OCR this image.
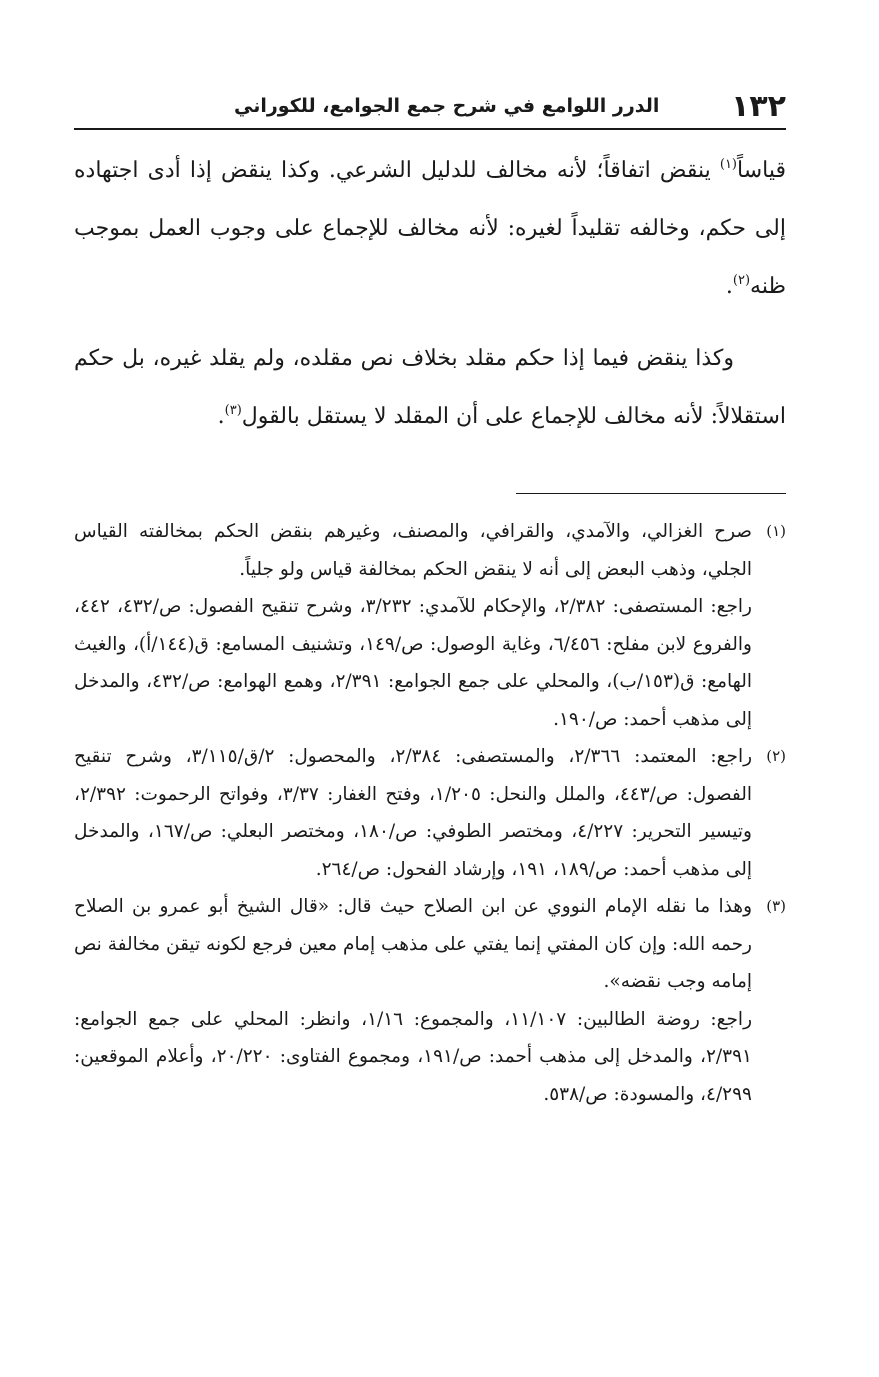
١٣٢
الدرر اللوامع في شرح جمع الجوامع، للكوراني

قياساً$^{(١)}$ ينقض اتفاقاً؛ لأنه مخالف للدليل الشرعي. وكذا ينقض إذا أدى اجتهاده إلى حكم، وخالفه تقليداً لغيره: لأنه مخالف للإجماع على وجوب العمل بموجب ظنه$^{(٢)}$.

وكذا ينقض فيما إذا حكم مقلد بخلاف نص مقلده، ولم يقلد غيره، بل حكم استقلالاً: لأنه مخالف للإجماع على أن المقلد لا يستقل بالقول$^{(٣)}$.

(١)
صرح الغزالي، والآمدي، والقرافي، والمصنف، وغيرهم بنقض الحكم بمخالفته القياس الجلي، وذهب البعض إلى أنه لا ينقض الحكم بمخالفة قياس ولو جلياً.

راجع: المستصفى: ٢/٣٨٢، والإحكام للآمدي: ٣/٢٣٢، وشرح تنقيح الفصول: ص/٤٣٢، ٤٤٢، والفروع لابن مفلح: ٦/٤٥٦، وغاية الوصول: ص/١٤٩، وتشنيف المسامع: ق(١٤٤/أ)، والغيث الهامع: ق(١٥٣/ب)، والمحلي على جمع الجوامع: ٢/٣٩١، وهمع الهوامع: ص/٤٣٢، والمدخل إلى مذهب أحمد: ص/١٩٠.

(٢)
راجع: المعتمد: ٢/٣٦٦، والمستصفى: ٢/٣٨٤، والمحصول: ٢/ق/٣/١١٥، وشرح تنقيح الفصول: ص/٤٤٣، والملل والنحل: ١/٢٠٥، وفتح الغفار: ٣/٣٧، وفواتح الرحموت: ٢/٣٩٢، وتيسير التحرير: ٤/٢٢٧، ومختصر الطوفي: ص/١٨٠، ومختصر البعلي: ص/١٦٧، والمدخل إلى مذهب أحمد: ص/١٨٩، ١٩١، وإرشاد الفحول: ص/٢٦٤.

(٣)
وهذا ما نقله الإمام النووي عن ابن الصلاح حيث قال: «قال الشيخ أبو عمرو بن الصلاح رحمه الله: وإن كان المفتي إنما يفتي على مذهب إمام معين فرجع لكونه تيقن مخالفة نص إمامه وجب نقضه».

راجع: روضة الطالبين: ١١/١٠٧، والمجموع: ١/١٦، وانظر: المحلي على جمع الجوامع: ٢/٣٩١، والمدخل إلى مذهب أحمد: ص/١٩١، ومجموع الفتاوى: ٢٠/٢٢٠، وأعلام الموقعين: ٤/٢٩٩، والمسودة: ص/٥٣٨.
